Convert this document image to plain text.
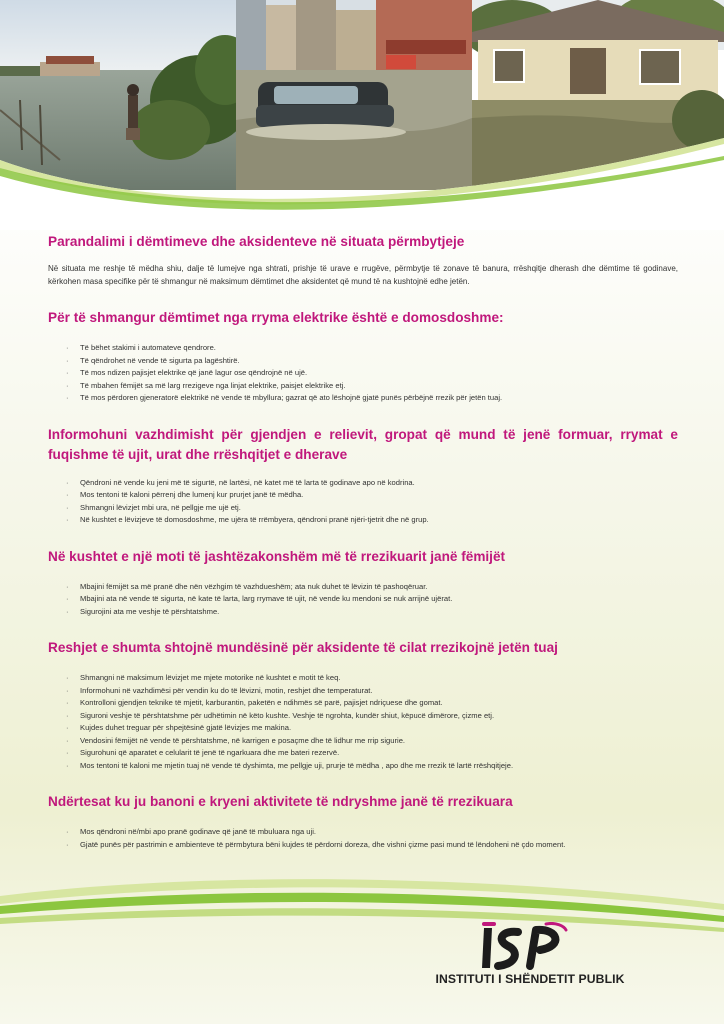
Parandalimi i dëmtimeve dhe aksidenteve në situata përmbytjeje

Në situata me reshje të mëdha shiu, dalje të lumejve nga shtrati, prishje të urave e rrugëve, përmbytje të zonave të banura, rrëshqitje dherash dhe dëmtime të godinave, kërkohen masa specifike për të shmangur në maksimum dëmtimet dhe aksidentet që mund të na kushtojnë edhe jetën.

Për të shmangur dëmtimet nga rryma elektrike është e domosdoshme:
· Të bëhet stakimi i automateve qendrore.
· Të qëndrohet në vende të sigurta pa lagështirë.
· Të mos ndizen pajisjet elektrike që janë lagur ose qëndrojnë në ujë.
· Të mbahen fëmijët sa më larg rrezigeve nga linjat elektrike, paisjet elektrike etj.
· Të mos përdoren gjeneratorë elektrikë në vende të mbyllura; gazrat që ato lëshojnë gjatë punës përbëjnë rrezik për jetën tuaj.
Informohuni vazhdimisht për gjendjen e relievit, gropat që mund të jenë formuar, rrymat e fuqishme të ujit, urat dhe rrëshqitjet e dherave
· Qëndroni në vende ku jeni më të sigurtë, në lartësi, në katet më të larta të godinave apo në kodrina.
· Mos tentoni të kaloni përrenj dhe lumenj kur prurjet janë të mëdha.
· Shmangni lëvizjet mbi ura, në pellgje me ujë etj.
· Në kushtet e lëvizjeve të domosdoshme, me ujëra të rrëmbyera, qëndroni pranë njëri-tjetrit dhe në grup.
Në kushtet e një moti të jashtëzakonshëm më të rrezikuarit janë fëmijët
· Mbajini fëmijët sa më pranë dhe nën vëzhgim të vazhdueshëm; ata nuk duhet të lëvizin të pashoqëruar.
· Mbajini ata në vende të sigurta, në kate të larta, larg rrymave të ujit, në vende ku mendoni se nuk arrijnë ujërat.
· Sigurojini ata me veshje të përshtatshme.
Reshjet e shumta shtojnë mundësinë për aksidente të cilat rrezikojnë jetën tuaj
· Shmangni në maksimum lëvizjet me mjete motorike në kushtet e motit të keq.
· Informohuni në vazhdimësi për vendin ku do të lëvizni, motin, reshjet dhe temperaturat.
· Kontrolloni gjendjen teknike të mjetit, karburantin, paketën e ndihmës së parë, pajisjet ndriçuese dhe gomat.
· Siguroni veshje të përshtatshme për udhëtimin në këto kushte. Veshje të ngrohta, kundër shiut, këpucë dimërore, çizme etj.
· Kujdes duhet treguar për shpejtësinë gjatë lëvizjes me makina.
· Vendosini fëmijët në vende të përshtatshme, në karrigen e posaçme dhe të lidhur me rrip sigurie.
· Sigurohuni që aparatet e celularit të jenë të ngarkuara dhe me bateri rezervë.
· Mos tentoni të kaloni me mjetin tuaj në vende të dyshimta, me pellgje uji, prurje të mëdha , apo dhe me rrezik të lartë rrëshqitjeje.
Ndërtesat ku ju banoni e kryeni aktivitete të ndryshme janë të rrezikuara
· Mos qëndroni në/mbi apo pranë godinave që janë të mbuluara nga uji.
· Gjatë punës për pastrimin e ambienteve të përmbytura bëni kujdes të përdorni doreza, dhe vishni çizme pasi mund të lëndoheni në çdo moment.
ISP
INSTITUTI I SHËNDETIT PUBLIK
